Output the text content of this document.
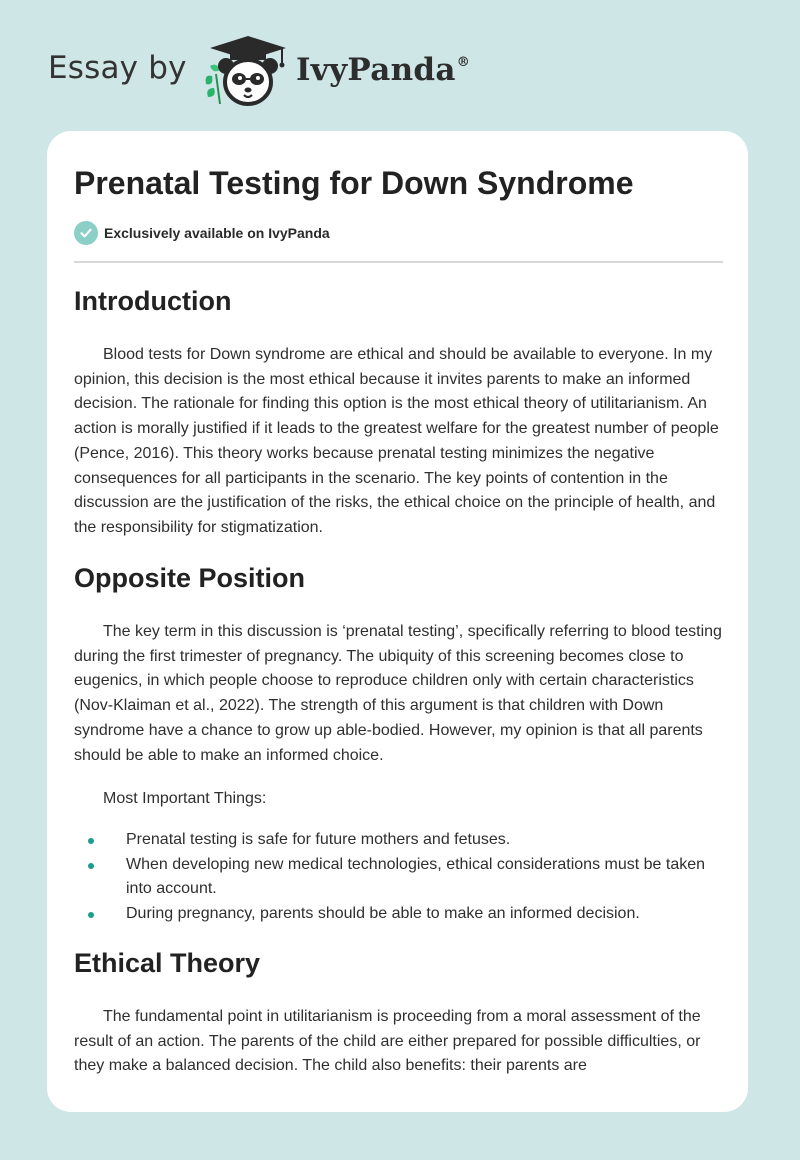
Essay by	IvyPanda®
Prenatal Testing for Down Syndrome
Exclusively available on IvyPanda
Introduction

Blood tests for Down syndrome are ethical and should be available to everyone. In my opinion, this decision is the most ethical because it invites parents to make an informed decision. The rationale for finding this option is the most ethical theory of utilitarianism. An action is morally justified if it leads to the greatest welfare for the greatest number of people (Pence, 2016). This theory works because prenatal testing minimizes the negative consequences for all participants in the scenario. The key points of contention in the discussion are the justification of the risks, the ethical choice on the principle of health, and the responsibility for stigmatization.

Opposite Position

The key term in this discussion is ‘prenatal testing’, specifically referring to blood testing during the first trimester of pregnancy. The ubiquity of this screening becomes close to eugenics, in which people choose to reproduce children only with certain characteristics (Nov-Klaiman et al., 2022). The strength of this argument is that children with Down syndrome have a chance to grow up able-bodied. However, my opinion is that all parents should be able to make an informed choice.

Most Important Things:

Prenatal testing is safe for future mothers and fetuses.
When developing new medical technologies, ethical considerations must be taken into account.
During pregnancy, parents should be able to make an informed decision.
Ethical Theory

The fundamental point in utilitarianism is proceeding from a moral assessment of the result of an action. The parents of the child are either prepared for possible difficulties, or they make a balanced decision. The child also benefits: their parents are
